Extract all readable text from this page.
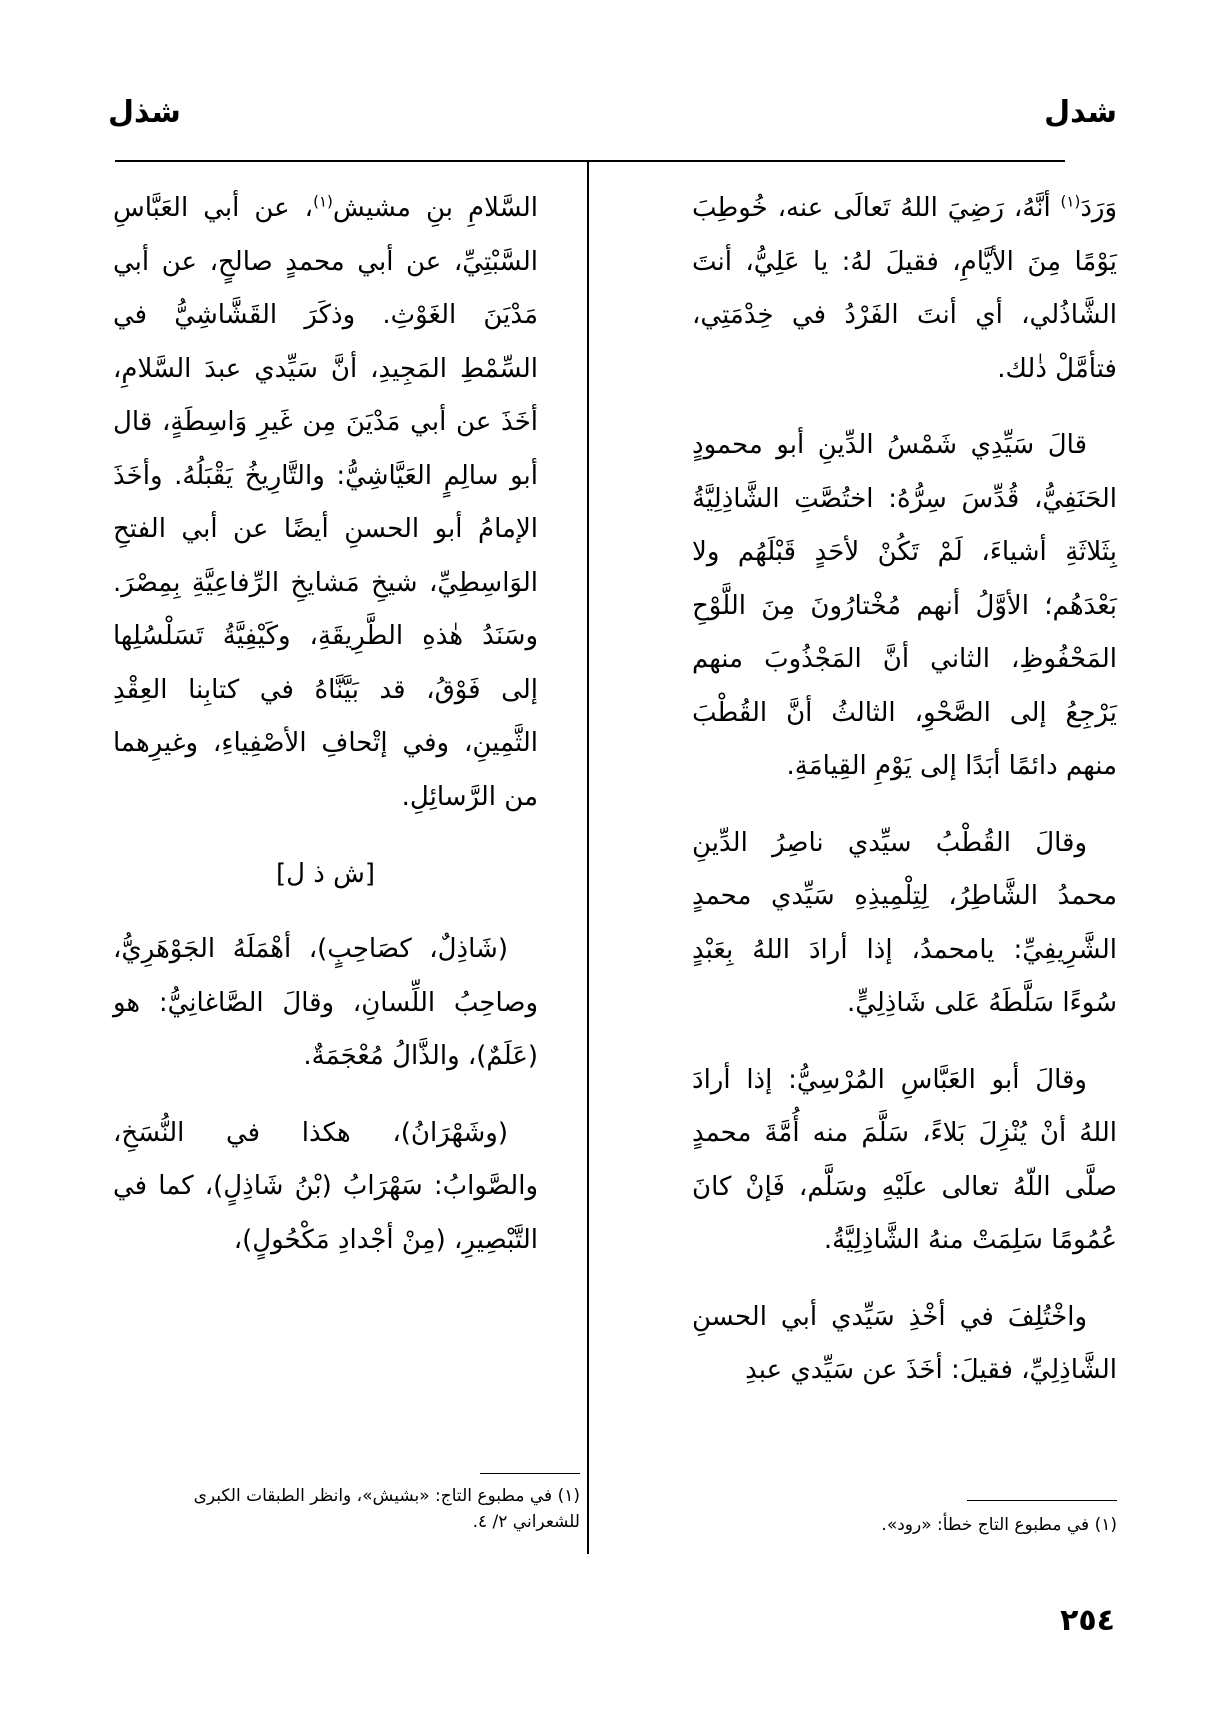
شدل
شذل

وَرَدَ$^{(١)}$ أنَّهُ، رَضِيَ اللهُ تَعالَى عنه، خُوطِبَ يَوْمًا مِنَ الأيَّامِ، فقيلَ لهُ: يا عَلِيُّ، أنتَ الشَّاذُلي، أي أنتَ الفَرْدُ في خِدْمَتِي، فتأمَّلْ ذٰلك.

قالَ سَيِّدِي شَمْسُ الدِّينِ أبو محمودٍ الحَنَفِيُّ، قُدِّسَ سِرُّهُ: اختُصَّتِ الشَّاذِلِيَّةُ بِثَلاثَةِ أشياءَ، لَمْ تَكُنْ لأحَدٍ قَبْلَهُم ولا بَعْدَهُم؛ الأوَّلُ أنهم مُخْتارُونَ مِنَ اللَّوْحِ المَحْفُوظِ، الثاني أنَّ المَجْذُوبَ منهم يَرْجِعُ إلى الصَّحْوِ، الثالثُ أنَّ القُطْبَ منهم دائمًا أبَدًا إلى يَوْمِ القِيامَةِ.

وقالَ القُطْبُ سيِّدي ناصِرُ الدِّينِ محمدُ الشَّاطِرُ، لِتِلْمِيذِهِ سَيِّدي محمدٍ الشَّرِيفِيِّ: يامحمدُ، إذا أرادَ اللهُ بِعَبْدٍ سُوءًا سَلَّطَهُ عَلى شَاذِلِيٍّ.

وقالَ أبو العَبَّاسِ المُرْسِيُّ: إذا أرادَ اللهُ أنْ يُنْزِلَ بَلاءً، سَلَّمَ منه أُمَّةَ محمدٍ صلَّى اللّهُ تعالى علَيْهِ وسَلَّم، فَإنْ كانَ عُمُومًا سَلِمَتْ منهُ الشَّاذِلِيَّةُ.

واخْتُلِفَ في أخْذِ سَيِّدي أبي الحسنِ الشَّاذِلِيِّ، فقيلَ: أخَذَ عن سَيِّدي عبدِ

السَّلامِ بنِ مشيش$^{(١)}$، عن أبي العَبَّاسِ السَّبْتِيِّ، عن أبي محمدٍ صالحٍ، عن أبي مَدْيَنَ الغَوْثِ. وذكَرَ القَشَّاشِيُّ في السِّمْطِ المَجِيدِ، أنَّ سَيِّدي عبدَ السَّلامِ، أخَذَ عن أبي مَدْيَنَ مِن غَيرِ وَاسِطَةٍ، قال أبو سالِمٍ العَيَّاشِيُّ: والتَّارِيخُ يَقْبَلُهُ. وأخَذَ الإمامُ أبو الحسنِ أيضًا عن أبي الفتحِ الوَاسِطِيِّ، شيخِ مَشايخِ الرِّفاعِيَّةِ بِمِصْرَ. وسَنَدُ هٰذهِ الطَّرِيقَةِ، وكَيْفِيَّةُ تَسَلْسُلِها إلى فَوْقُ، قد بَيَّنَّاهُ في كتابِنا العِقْدِ الثَّمِينِ، وفي إتْحافِ الأصْفِياءِ، وغيرِهما من الرَّسائِلِ.

[ش ذ ل]

(شَاذِلٌ، كصَاحِبٍ)، أهْمَلَهُ الجَوْهَرِيُّ، وصاحِبُ اللِّسانِ، وقالَ الصَّاغانِيُّ: هو (عَلَمٌ)، والذَّالُ مُعْجَمَةٌ.

(وشَهْرَانُ)، هكذا في النُّسَخِ، والصَّوابُ: سَهْرَابُ (بْنُ شَاذِلٍ)، كما في التَّبْصِيرِ، (مِنْ أجْدادِ مَكْحُولٍ)،

(١) في مطبوع التاج خطأ: «رود».
(١) في مطبوع التاج: «بشيش»، وانظر الطبقات الكبرى للشعراني ٢/ ٤.
٢٥٤
